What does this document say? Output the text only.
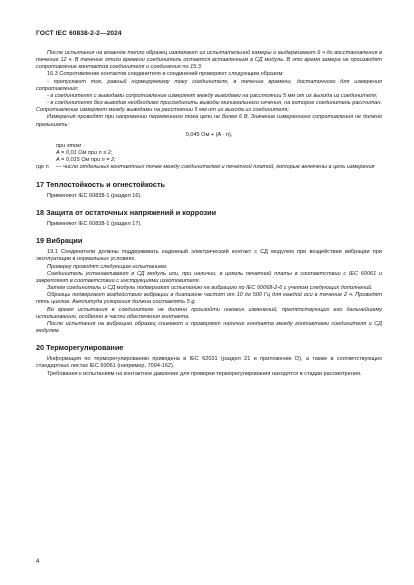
ГОСТ IEC 60838-2-2—2024

После испытания на влажное тепло образец извлекают из испытательной камеры и выдерживают 6 ч до восстановления в течение 12 ч. В течение этого времени соединитель остается вставленным в СД модуль. В это время замера не производят сопротивление контактов соединителя и соединения по 15.3.

16.3 Сопротивление контактов соединителя и соединений проверяют следующим образом:

- пропускают ток, равный нормируемому току соединителя, в течение времени, достаточного для измерения сопротивления;

- в соединителях с выводами сопротивление измеряют между выводами на расстоянии 5 мм от их выхода из соединителя;

- в соединителях без выводов необходимо присоединить выводы минимального сечения, на которое соединитель рассчитан. Сопротивление измеряют между выводами на расстоянии 5 мм от их выхода из соединителя;

Измерения проводят при напряжении переменного тока цепи не более 6 В. Значение измеренного сопротивления не должно превышать:

0,045 Ом + (A · n),

при этом
A = 0,01 Ом при n ≥ 2;
A = 0,015 Ом при n = 2;
где n	— число отдельных контактных точек между соединителем и печатной платой, которые включены в цепь измерения
17 Теплостойкость и огнестойкость

Применяют IEC 60838-1 (раздел 16).

18 Защита от остаточных напряжений и коррозии

Применяют IEC 60838-1 (раздел 17).

19 Вибрации

19.1 Соединители должны поддерживать надежный электрический контакт с СД модулем при воздействии вибрации при эксплуатации в нормальных условиях.

Проверку проводят следующим испытанием.

Соединитель устанавливают в СД модуль или, при наличии, в цоколь печатной платы в соответствии с IEC 60061 и закрепляют в соответствии с инструкциями изготовителя.

Затем соединитель и СД модуль подвергают испытанию на вибрацию по IEC 60068-2-6 с учетом следующих дополнений.

Образцы подвергают воздействию вибрации в диапазоне частот от 10 до 500 Гц для каждой оси в течение 2 ч. Проводят пять циклов. Амплитуда ускорения должна составлять 5 g.

Во время испытания в соединителе не должно произойти никаких изменений, препятствующих его дальнейшему использованию, особенно в части обеспечения контакта.

После испытания на вибрацию образец снимают и проверяют наличие контакта между контактами соединителя и СД модулем.

20 Терморегулирование

Информация по терморегулированию приведена в IEC 62031 (раздел 21 и приложение D), а также в соответствующих стандартных листах IEC 60061 (например, 7004-162).

Требования к испытаниям на контактное давление для проверки терморегулирования находятся в стадии рассмотрения.

4
